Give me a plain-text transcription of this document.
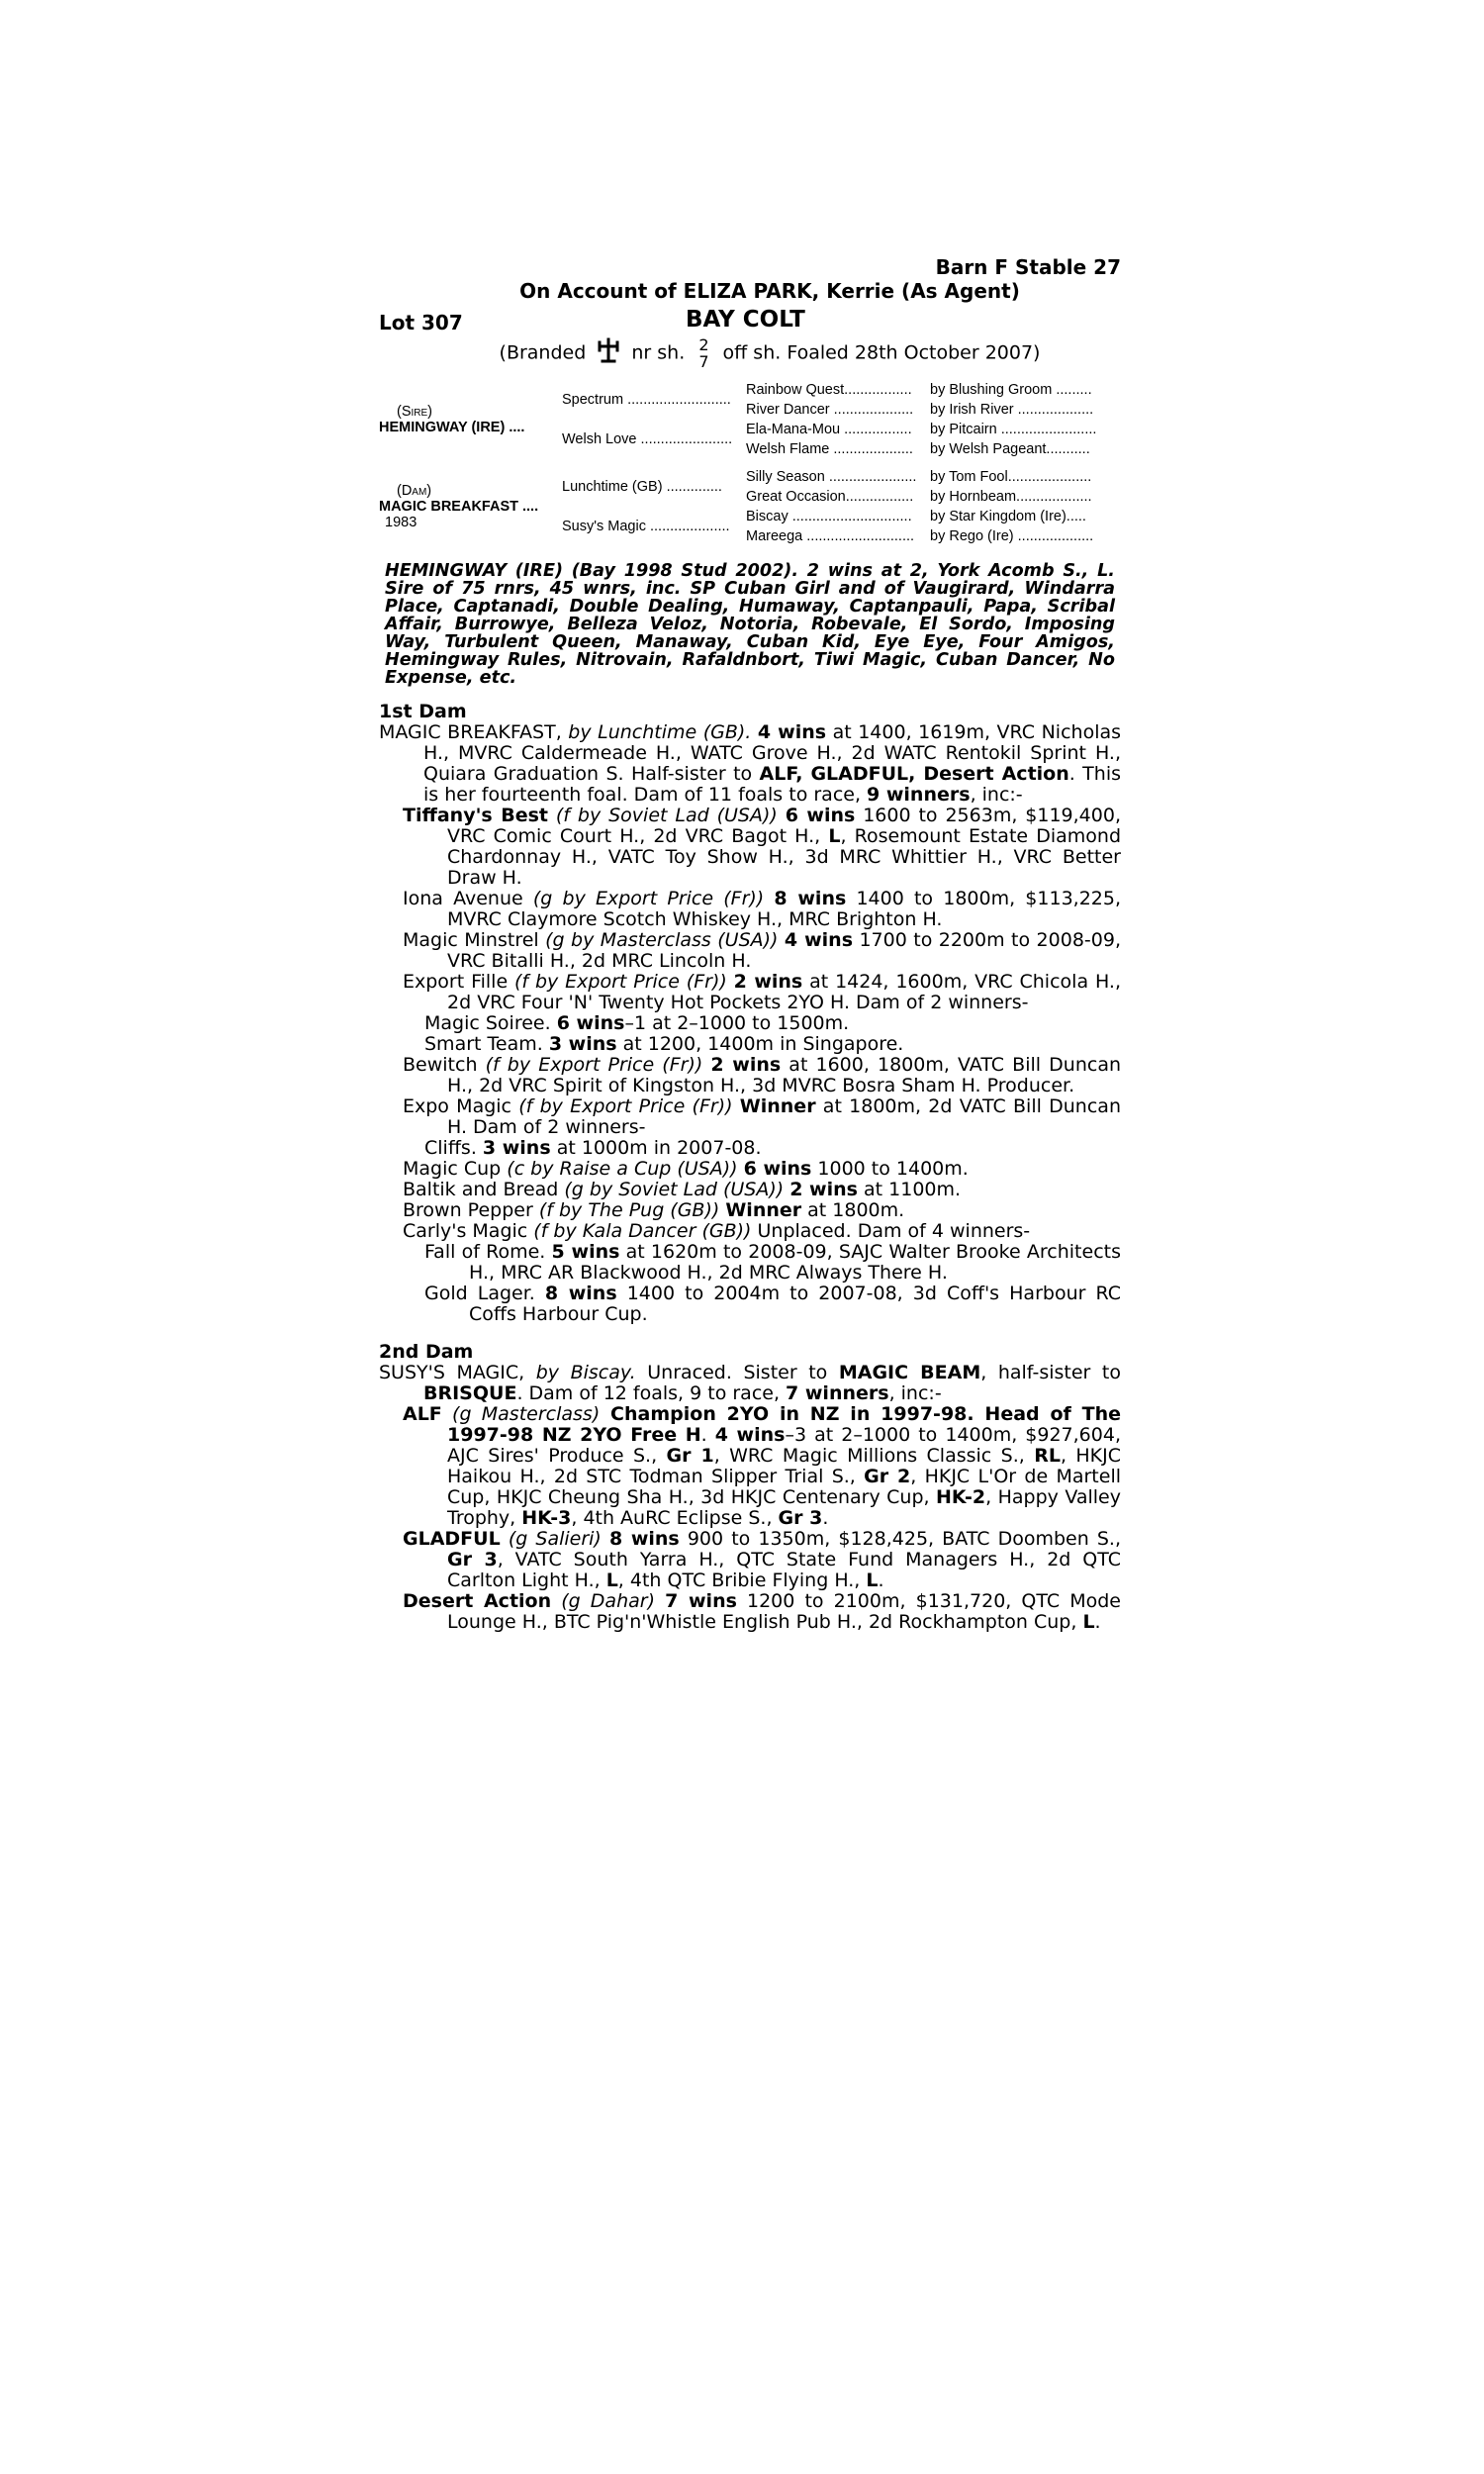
Barn F Stable 27
On Account of ELIZA PARK, Kerrie (As Agent)
Lot 307	BAY COLT
(Branded nr sh. 2
7 off sh. Foaled 28th October 2007)
(Sire)
HEMINGWAY (IRE) ....	Spectrum ..........................	Rainbow Quest.................	by Blushing Groom .........
		River Dancer ....................	by Irish River ...................
	Welsh Love .......................	Ela-Mana-Mou .................	by Pitcairn ........................
		Welsh Flame ....................	by Welsh Pageant...........

(Dam)
MAGIC BREAKFAST ....
1983	Lunchtime (GB) ..............	Silly Season ......................	by Tom Fool.....................
		Great Occasion.................	by Hornbeam...................
	Susy's Magic ....................	Biscay ..............................	by Star Kingdom (Ire).....
		Mareega ...........................	by Rego (Ire) ...................
HEMINGWAY (IRE) (Bay 1998 Stud 2002). 2 wins at 2, York Acomb S., L. Sire of 75 rnrs, 45 wnrs, inc. SP Cuban Girl and of Vaugirard, Windarra Place, Captanadi, Double Dealing, Humaway, Captanpauli, Papa, Scribal Affair, Burrowye, Belleza Veloz, Notoria, Robevale, El Sordo, Imposing Way, Turbulent Queen, Manaway, Cuban Kid, Eye Eye, Four Amigos, Hemingway Rules, Nitrovain, Rafaldnbort, Tiwi Magic, Cuban Dancer, No Expense, etc.
1st Dam
MAGIC BREAKFAST, by Lunchtime (GB). 4 wins at 1400, 1619m, VRC Nicholas H., MVRC Caldermeade H., WATC Grove H., 2d WATC Rentokil Sprint H., Quiara Graduation S. Half-sister to ALF, GLADFUL, Desert Action. This is her fourteenth foal. Dam of 11 foals to race, 9 winners, inc:-
Tiffany's Best (f by Soviet Lad (USA)) 6 wins 1600 to 2563m, $119,400, VRC Comic Court H., 2d VRC Bagot H., L, Rosemount Estate Diamond Chardonnay H., VATC Toy Show H., 3d MRC Whittier H., VRC Better Draw H.
Iona Avenue (g by Export Price (Fr)) 8 wins 1400 to 1800m, $113,225, MVRC Claymore Scotch Whiskey H., MRC Brighton H.
Magic Minstrel (g by Masterclass (USA)) 4 wins 1700 to 2200m to 2008-09, VRC Bitalli H., 2d MRC Lincoln H.
Export Fille (f by Export Price (Fr)) 2 wins at 1424, 1600m, VRC Chicola H., 2d VRC Four 'N' Twenty Hot Pockets 2YO H. Dam of 2 winners-
Magic Soiree. 6 wins–1 at 2–1000 to 1500m.
Smart Team. 3 wins at 1200, 1400m in Singapore.
Bewitch (f by Export Price (Fr)) 2 wins at 1600, 1800m, VATC Bill Duncan H., 2d VRC Spirit of Kingston H., 3d MVRC Bosra Sham H. Producer.
Expo Magic (f by Export Price (Fr)) Winner at 1800m, 2d VATC Bill Duncan H. Dam of 2 winners-
Cliffs. 3 wins at 1000m in 2007-08.
Magic Cup (c by Raise a Cup (USA)) 6 wins 1000 to 1400m.
Baltik and Bread (g by Soviet Lad (USA)) 2 wins at 1100m.
Brown Pepper (f by The Pug (GB)) Winner at 1800m.
Carly's Magic (f by Kala Dancer (GB)) Unplaced. Dam of 4 winners-
Fall of Rome. 5 wins at 1620m to 2008-09, SAJC Walter Brooke Architects H., MRC AR Blackwood H., 2d MRC Always There H.
Gold Lager. 8 wins 1400 to 2004m to 2007-08, 3d Coff's Harbour RC Coffs Harbour Cup.
2nd Dam
SUSY'S MAGIC, by Biscay. Unraced. Sister to MAGIC BEAM, half-sister to BRISQUE. Dam of 12 foals, 9 to race, 7 winners, inc:-
ALF (g Masterclass) Champion 2YO in NZ in 1997-98. Head of The 1997-98 NZ 2YO Free H. 4 wins–3 at 2–1000 to 1400m, $927,604, AJC Sires' Produce S., Gr 1, WRC Magic Millions Classic S., RL, HKJC Haikou H., 2d STC Todman Slipper Trial S., Gr 2, HKJC L'Or de Martell Cup, HKJC Cheung Sha H., 3d HKJC Centenary Cup, HK-2, Happy Valley Trophy, HK-3, 4th AuRC Eclipse S., Gr 3.
GLADFUL (g Salieri) 8 wins 900 to 1350m, $128,425, BATC Doomben S., Gr 3, VATC South Yarra H., QTC State Fund Managers H., 2d QTC Carlton Light H., L, 4th QTC Bribie Flying H., L.
Desert Action (g Dahar) 7 wins 1200 to 2100m, $131,720, QTC Mode Lounge H., BTC Pig'n'Whistle English Pub H., 2d Rockhampton Cup, L.
